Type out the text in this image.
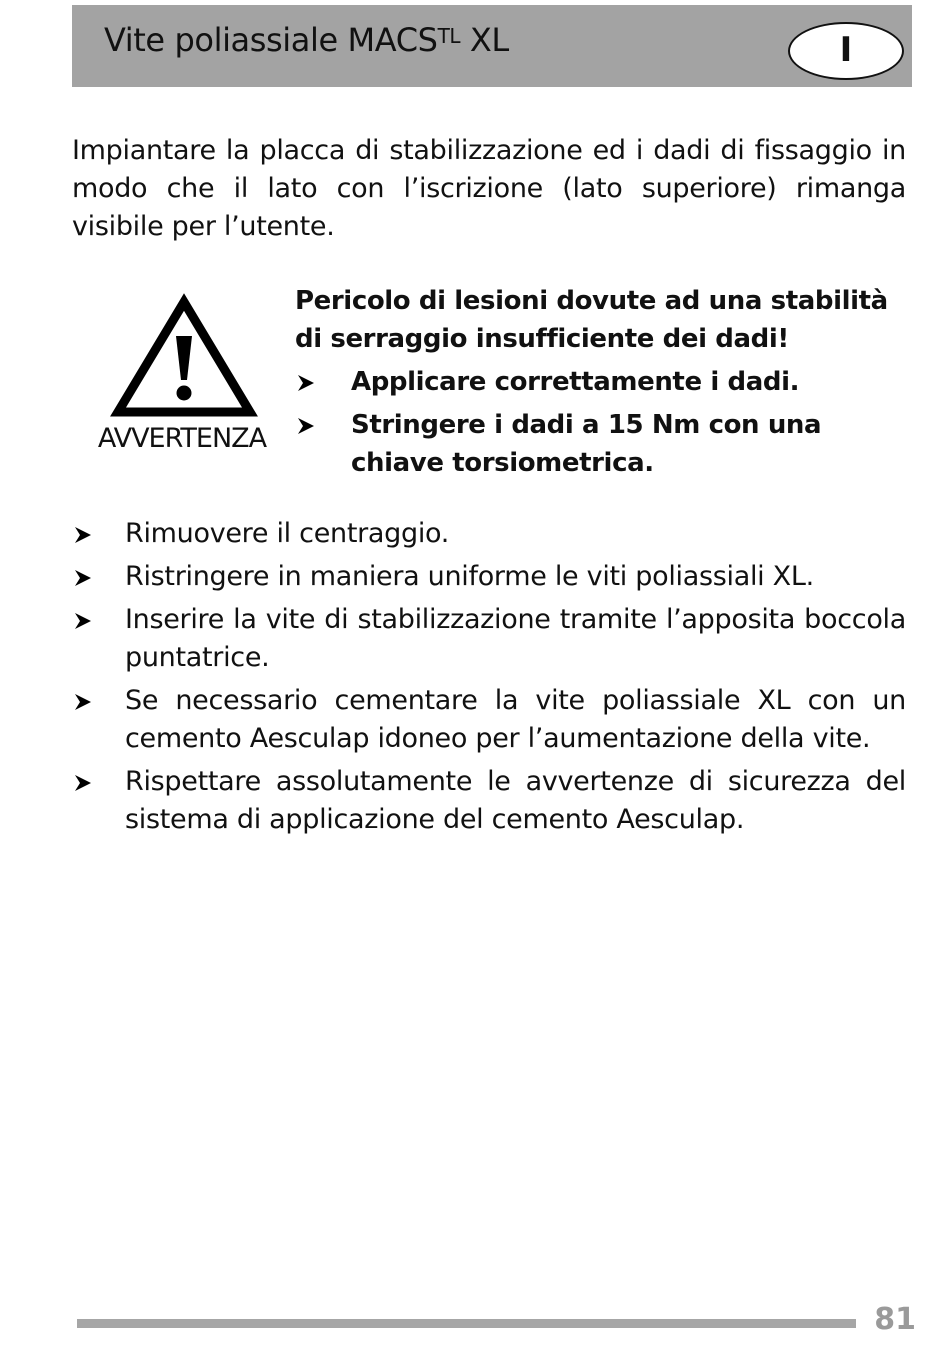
Vite poliassiale $MACS^{TL}$ XL	I

Impiantare la placca di stabilizzazione ed i dadi di fissaggio in modo che il lato con l’iscrizione (lato superiore) rimanga visibile per l’utente.

AVVERTENZA
Pericolo di lesioni dovute ad una stabilità di serraggio insufficiente dei dadi!
Applicare correttamente i dadi.
Stringere i dadi a 15 Nm con una chiave torsiometrica.
Rimuovere il centraggio.
Ristringere in maniera uniforme le viti poliassiali XL.
Inserire la vite di stabilizzazione tramite l’apposita boccola puntatrice.
Se necessario cementare la vite poliassiale XL con un cemento Aesculap idoneo per l’aumentazione della vite.
Rispettare assolutamente le avvertenze di sicurezza del sistema di applicazione del cemento Aesculap.
81
